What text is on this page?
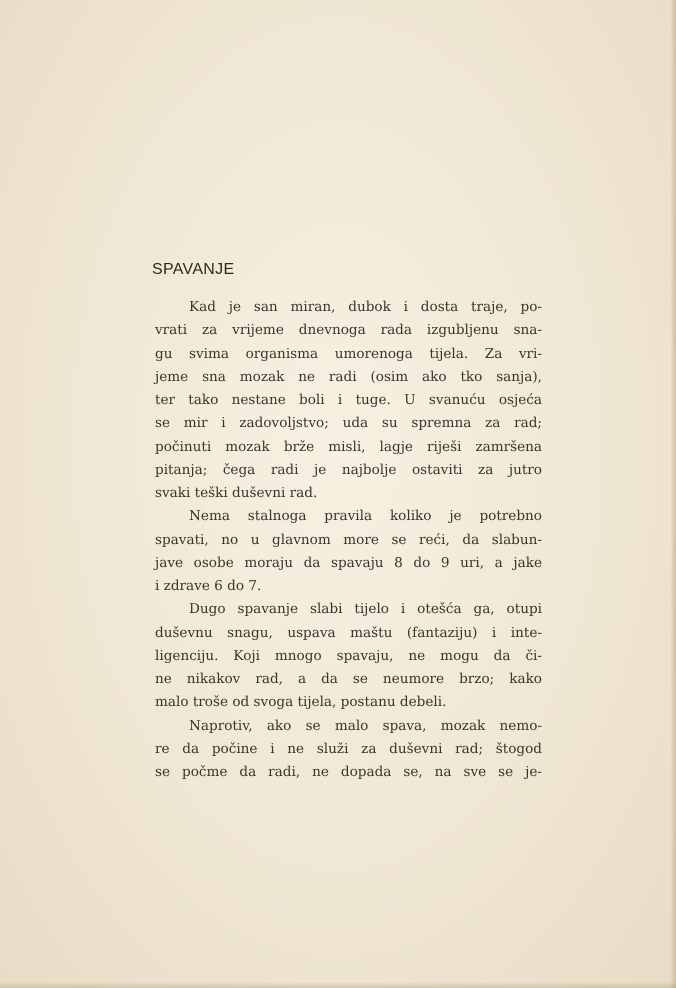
SPAVANJE
Kad je san miran, dubok i dosta traje, po-
vrati za vrijeme dnevnoga rada izgubljenu sna-
gu svima organisma umorenoga tijela. Za vri-
jeme sna mozak ne radi (osim ako tko sanja),
ter tako nestane boli i tuge. U svanuću osjeća
se mir i zadovoljstvo; uda su spremna za rad;
počinuti mozak brže misli, lagje riješi zamršena
pitanja; čega radi je najbolje ostaviti za jutro
svaki teški duševni rad.
Nema stalnoga pravila koliko je potrebno
spavati, no u glavnom more se reći, da slabun-
jave osobe moraju da spavaju 8 do 9 uri, a jake
i zdrave 6 do 7.
Dugo spavanje slabi tijelo i otešća ga, otupi
duševnu snagu, uspava maštu (fantaziju) i inte-
ligenciju. Koji mnogo spavaju, ne mogu da či-
ne nikakov rad, a da se neumore brzo; kako
malo troše od svoga tijela, postanu debeli.
Naprotiv, ako se malo spava, mozak nemo-
re da počine i ne služi za duševni rad; štogod
se počme da radi, ne dopada se, na sve se je-
